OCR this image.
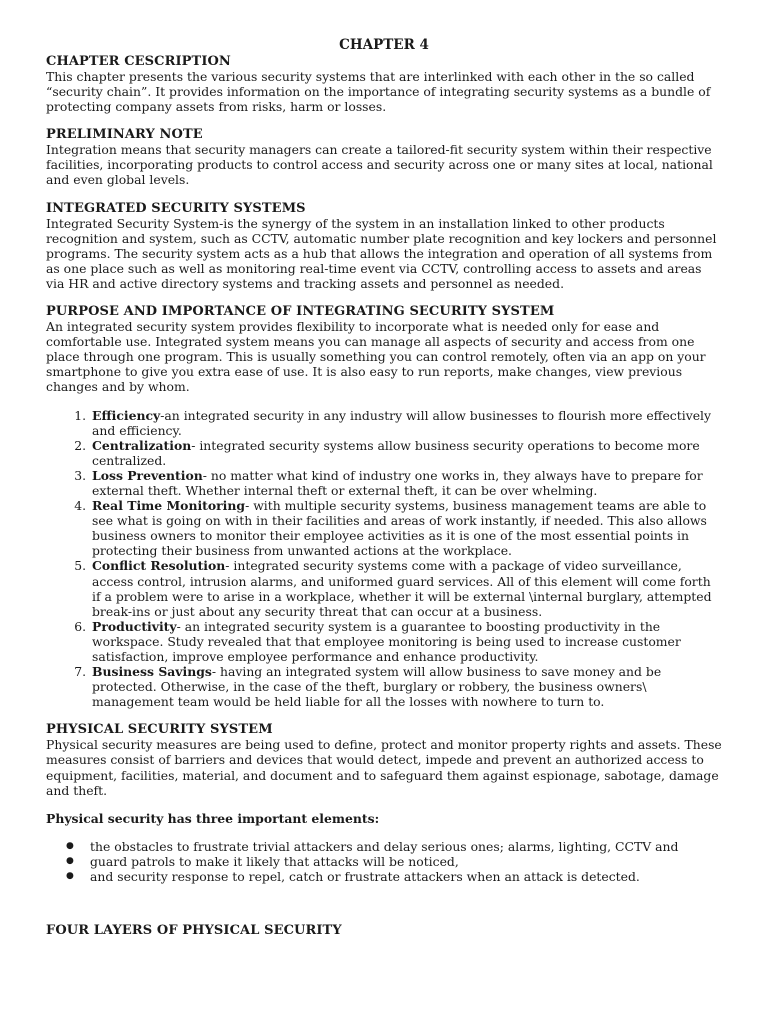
CHAPTER 4
CHAPTER CESCRIPTION

This chapter presents the various security systems that are interlinked with each other in the so called “security chain”. It provides information on the importance of integrating security systems as a bundle of protecting company assets from risks, harm or losses.

PRELIMINARY NOTE

Integration means that security managers can create a tailored-fit security system within their respective facilities, incorporating products to control access and security across one or many sites at local, national and even global levels.

INTEGRATED SECURITY SYSTEMS

Integrated Security System-is the synergy of the system in an installation linked to other products recognition and system, such as CCTV, automatic number plate recognition and key lockers and personnel programs. The security system acts as a hub that allows the integration and operation of all systems from as one place such as well as monitoring real-time event via CCTV, controlling access to assets and areas via HR and active directory systems and tracking assets and personnel as needed.

PURPOSE AND IMPORTANCE OF INTEGRATING SECURITY SYSTEM

An integrated security system provides flexibility to incorporate what is needed only for ease and comfortable use. Integrated system means you can manage all aspects of security and access from one place through one program. This is usually something you can control remotely, often via an app on your smartphone to give you extra ease of use. It is also easy to run reports, make changes, view previous changes and by whom.

1. Efficiency-an integrated security in any industry will allow businesses to flourish more effectively and efficiency.
2. Centralization- integrated security systems allow business security operations to become more centralized.
3. Loss Prevention- no matter what kind of industry one works in, they always have to prepare for external theft. Whether internal theft or external theft, it can be over whelming.
4. Real Time Monitoring- with multiple security systems, business management teams are able to see what is going on with in their facilities and areas of work instantly, if needed. This also allows business owners to monitor their employee activities as it is one of the most essential points in protecting their business from unwanted actions at the workplace.
5. Conflict Resolution- integrated security systems come with a package of video surveillance, access control, intrusion alarms, and uniformed guard services. All of this element will come forth if a problem were to arise in a workplace, whether it will be external \internal burglary, attempted break-ins or just about any security threat that can occur at a business.
6. Productivity- an integrated security system is a guarantee to boosting productivity in the workspace. Study revealed that that employee monitoring is being used to increase customer satisfaction, improve employee performance and enhance productivity.
7. Business Savings- having an integrated system will allow business to save money and be protected. Otherwise, in the case of the theft, burglary or robbery, the business owners\ management team would be held liable for all the losses with nowhere to turn to.
PHYSICAL SECURITY SYSTEM

Physical security measures are being used to define, protect and monitor property rights and assets. These measures consist of barriers and devices that would detect, impede and prevent an authorized access to equipment, facilities, material, and document and to safeguard them against espionage, sabotage, damage and theft.

Physical security has three important elements:

● the obstacles to frustrate trivial attackers and delay serious ones; alarms, lighting, CCTV and
● guard patrols to make it likely that attacks will be noticed,
● and security response to repel, catch or frustrate attackers when an attack is detected.
FOUR LAYERS OF PHYSICAL SECURITY
